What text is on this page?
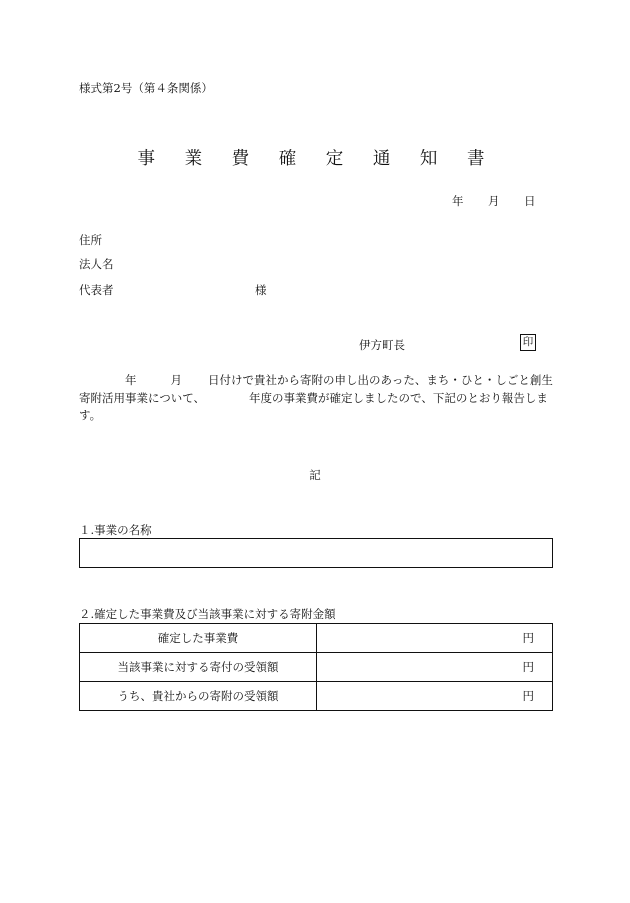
様式第2号（第４条関係）
事 業 費 確 定 通 知 書
年 月 日
住所
法人名
代表者	様
伊方町長	印
年	月 日付けで貴社から寄附の申し出のあった、まち・ひと・しごと創生寄附活用事業について、	年度の事業費が確定しましたので、下記のとおり報告します。
記
１.事業の名称
２.確定した事業費及び当該事業に対する寄附金額
確定した事業費	円
当該事業に対する寄付の受領額	円
うち、貴社からの寄附の受領額	円
